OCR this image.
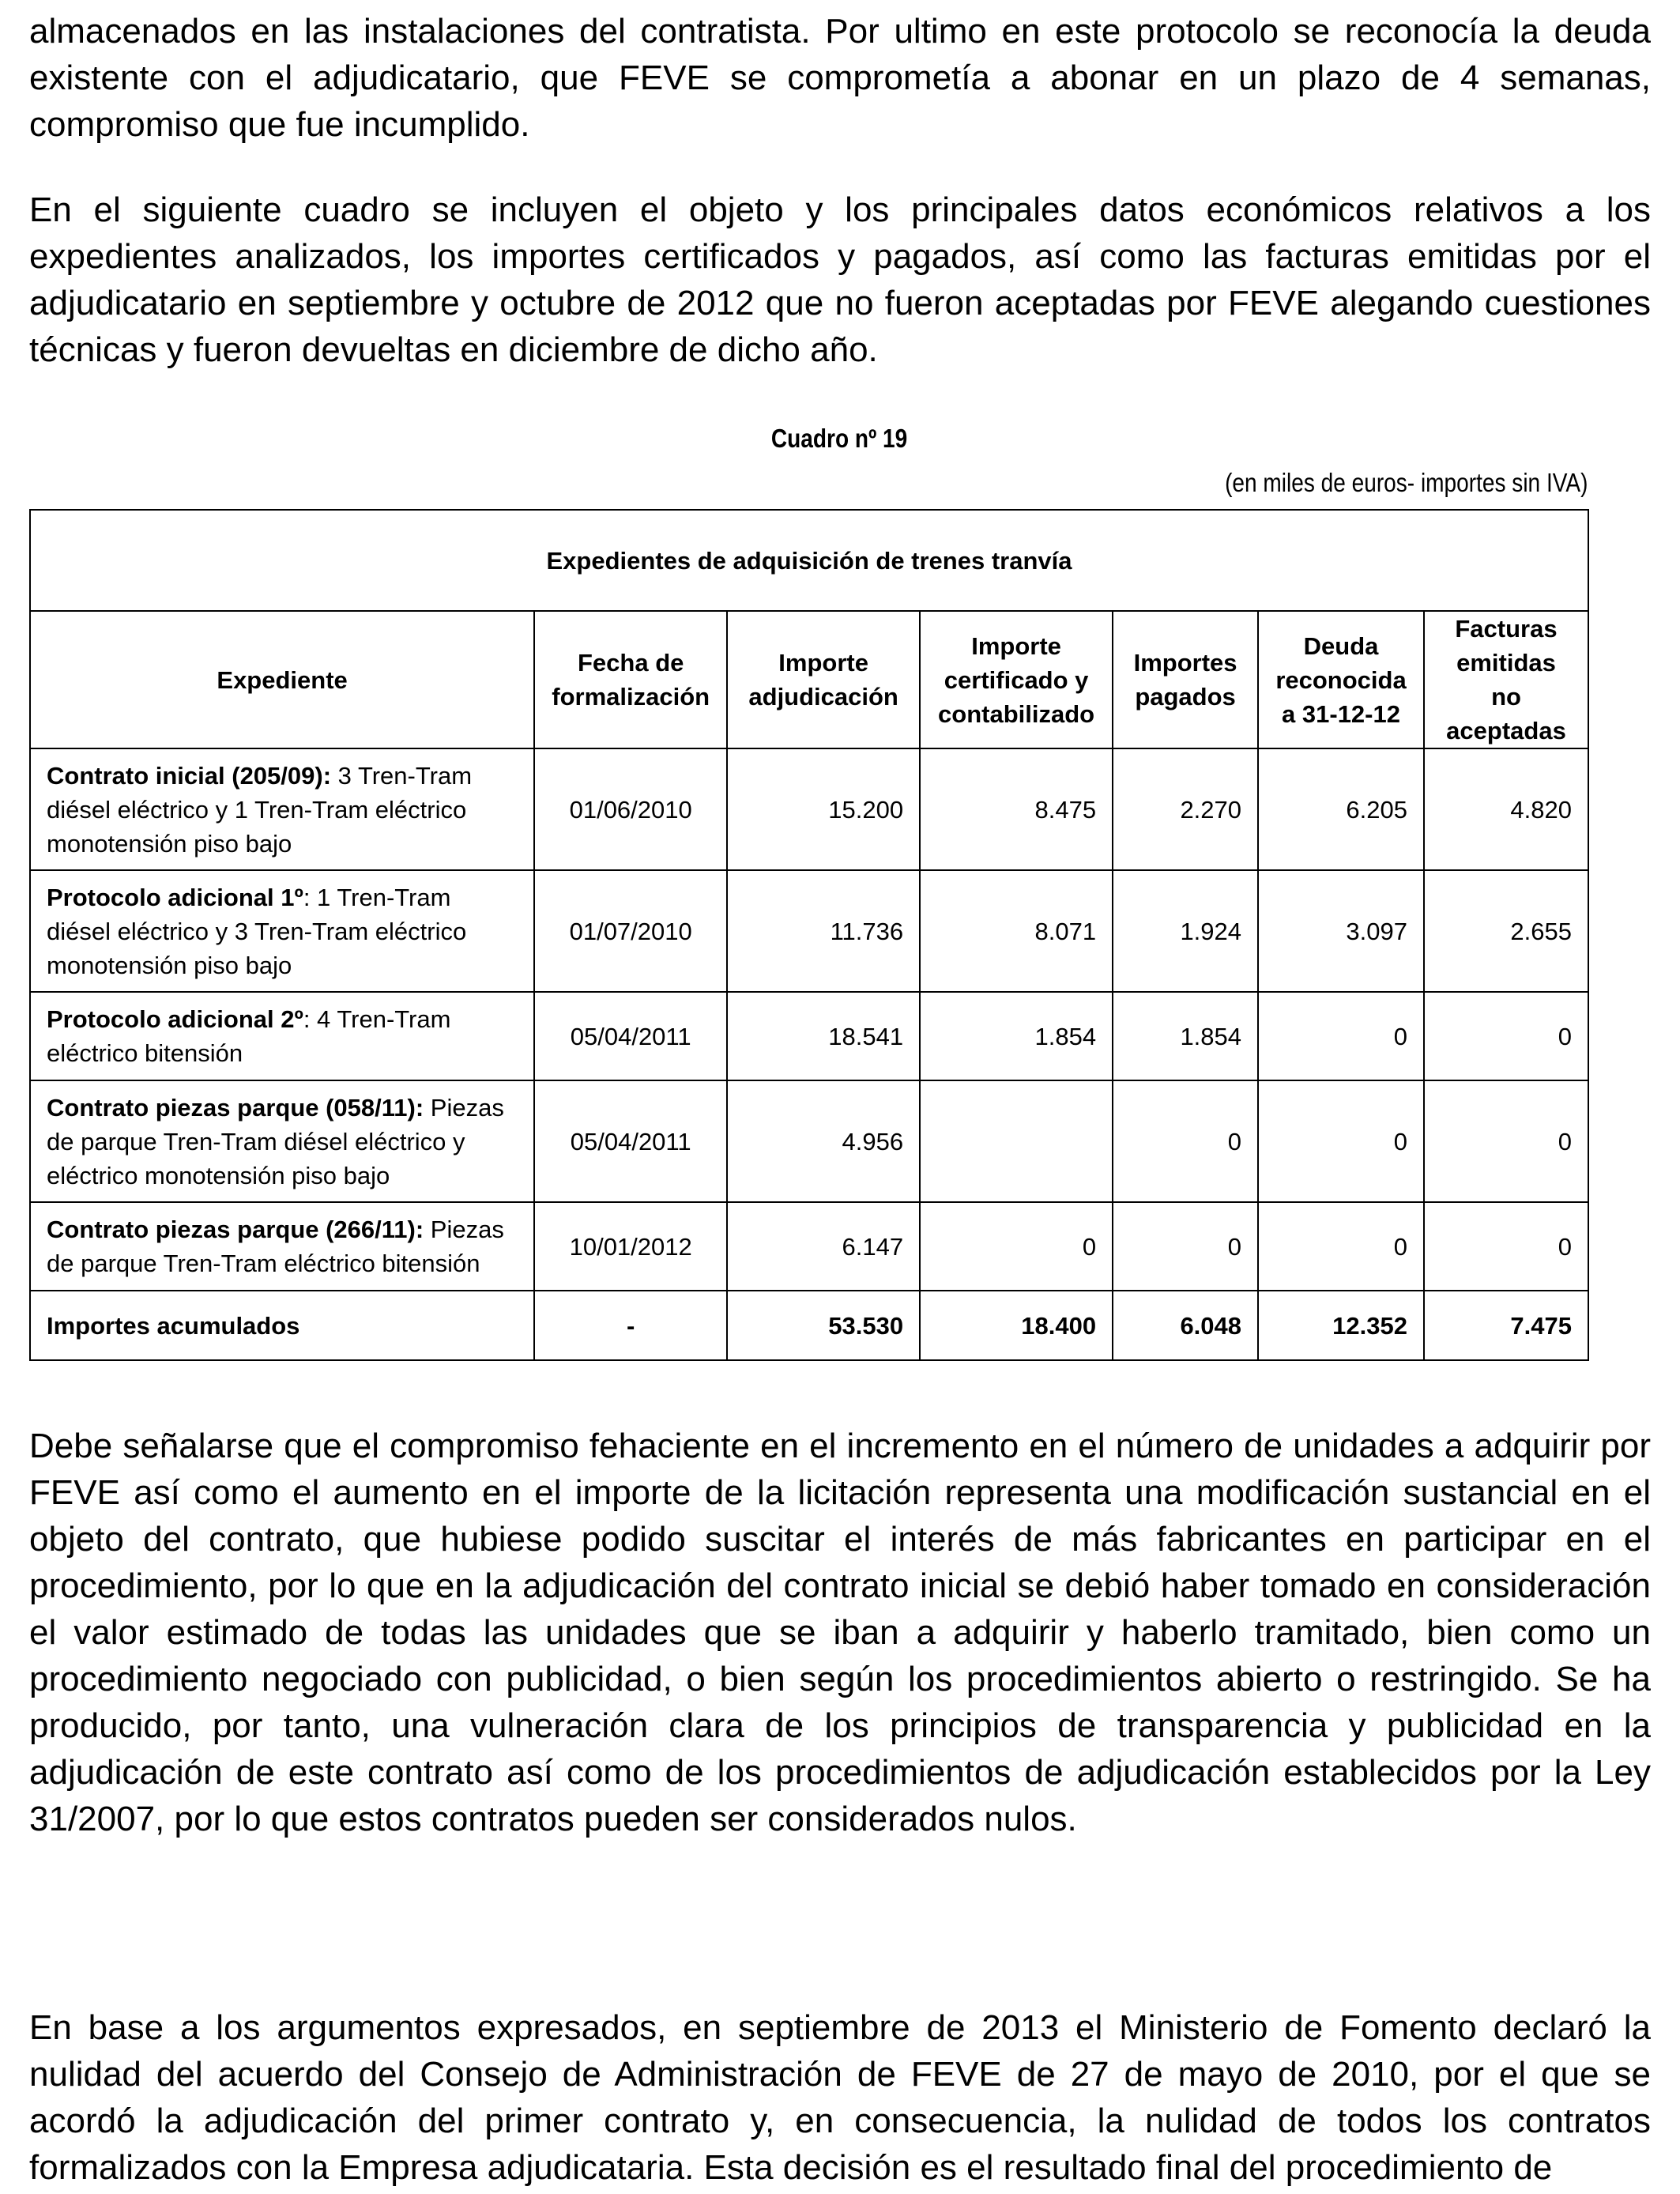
almacenados en las instalaciones del contratista. Por ultimo en este protocolo se reconocía la deuda existente con el adjudicatario, que FEVE se comprometía a abonar en un plazo de 4 semanas, compromiso que fue incumplido.

En el siguiente cuadro se incluyen el objeto y los principales datos económicos relativos a los expedientes analizados, los importes certificados y pagados, así como las facturas emitidas por el adjudicatario en septiembre y octubre de 2012 que no fueron aceptadas por FEVE alegando cuestiones técnicas y fueron devueltas en diciembre de dicho año.

Cuadro nº 19
(en miles de euros- importes sin IVA)
Expedientes de adquisición de trenes tranvía						
Expediente	Fecha de formalización	Importe adjudicación	Importe certificado y contabilizado	Importes pagados	Deuda reconocida a 31-12-12	Facturas emitidas no aceptadas
Contrato inicial (205/09): 3 Tren-Tram diésel eléctrico y 1 Tren-Tram eléctrico monotensión piso bajo	01/06/2010	15.200	8.475	2.270	6.205	4.820
Protocolo adicional 1º: 1 Tren-Tram diésel eléctrico y 3 Tren-Tram eléctrico monotensión piso bajo	01/07/2010	11.736	8.071	1.924	3.097	2.655
Protocolo adicional 2º: 4 Tren-Tram eléctrico bitensión	05/04/2011	18.541	1.854	1.854	0	0
Contrato piezas parque (058/11): Piezas de parque Tren-Tram diésel eléctrico y eléctrico monotensión piso bajo	05/04/2011	4.956		0	0	0
Contrato piezas parque (266/11): Piezas de parque Tren-Tram eléctrico bitensión	10/01/2012	6.147	0	0	0	0
Importes acumulados	-	53.530	18.400	6.048	12.352	7.475

Debe señalarse que el compromiso fehaciente en el incremento en el número de unidades a adquirir por FEVE así como el aumento en el importe de la licitación representa una modificación sustancial en el objeto del contrato, que hubiese podido suscitar el interés de más fabricantes en participar en el procedimiento, por lo que en la adjudicación del contrato inicial se debió haber tomado en consideración el valor estimado de todas las unidades que se iban a adquirir y haberlo tramitado, bien como un procedimiento negociado con publicidad, o bien según los procedimientos abierto o restringido. Se ha producido, por tanto, una vulneración clara de los principios de transparencia y publicidad en la adjudicación de este contrato así como de los procedimientos de adjudicación establecidos por la Ley 31/2007, por lo que estos contratos pueden ser considerados nulos.

En base a los argumentos expresados, en septiembre de 2013 el Ministerio de Fomento declaró la nulidad del acuerdo del Consejo de Administración de FEVE de 27 de mayo de 2010, por el que se acordó la adjudicación del primer contrato y, en consecuencia, la nulidad de todos los contratos formalizados con la Empresa adjudicataria. Esta decisión es el resultado final del procedimiento de
